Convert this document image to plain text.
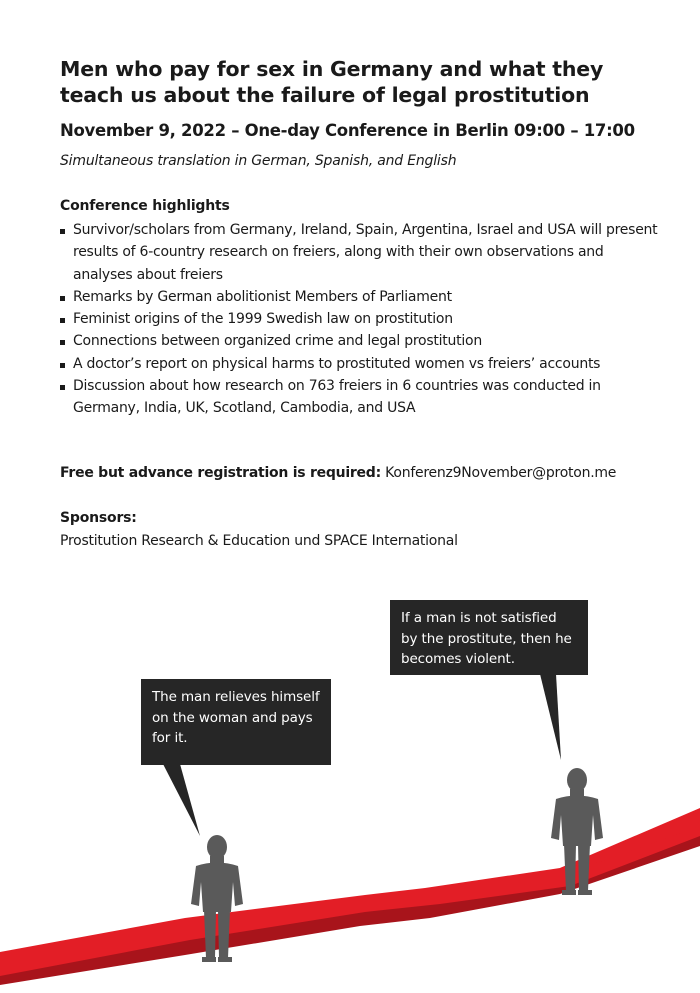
Men who pay for sex in Germany and what they teach us about the failure of legal prostitution

November 9, 2022 – One-day Conference in Berlin 09:00 – 17:00

Simultaneous translation in German, Spanish, and English

Conference highlights
Survivor/scholars from Germany, Ireland, Spain, Argentina, Israel and USA will present results of 6-country research on freiers, along with their own observations and analyses about freiers
Remarks by German abolitionist Members of Parliament
Feminist origins of the 1999 Swedish law on prostitution
Connections between organized crime and legal prostitution
A doctor’s report on physical harms to prostituted women vs freiers’ accounts
Discussion about how research on 763 freiers in 6 countries was conducted in Germany, India, UK, Scotland, Cambodia, and USA

Free but advance registration is required: Konferenz9November@proton.me

Sponsors:

Prostitution Research & Education und SPACE International

The man relieves himself on the woman and pays for it.
If a man is not satisfied by the prostitute, then he becomes violent.
